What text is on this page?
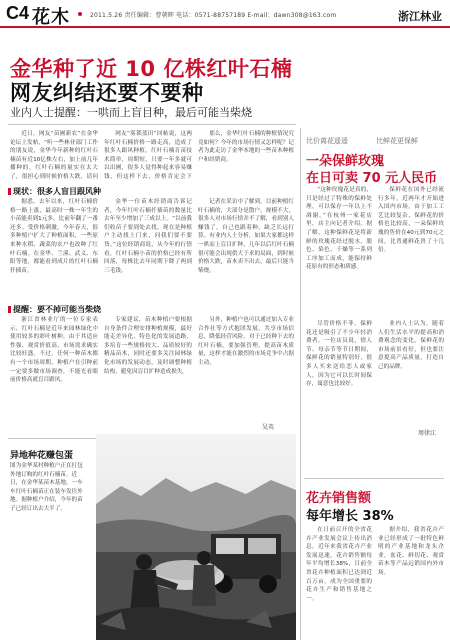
C4 花木	2011.5.26 责任编辑：曹朝晖 电话：0571-88757189 E-mail：dawn308@163.com	浙江林业
金华种了近 10 亿株红叶石楠
网友纠结还要不要种
业内人士提醒：一哄而上盲目种，最后可能当柴烧

近日，网友“苗圃新农”在金华论坛上发帖，“听一些林业部门工作的朋友说，金华今年新种的红叶石楠苗有近10亿株左右，加上前几年播种的，红叶石楠的量实在太大了，很担心到时候价格大跌，请问

网友“雾锁蓝田”回帖说，这两年红叶石楠价格一路走高，造成了很多人跟风种植。红叶石楠育苗技术简单，周期短，只要一年多就可以出圃，很多人觉得种起来容易赚钱，但这样下去，价格肯定会下

那么，金华红叶石楠的种植情况究竟如何？今年的市场行情又怎样呢？记者为此走访了金华本地的一些苗木种植户和经销商。

现状：很多人盲目跟风种

据悉，去年以来，红叶石楠价格一路上涨，最高时一株一年生的小苗能卖到1元多，比前年翻了一番还多。受价格刺激，今年春天，很多种植户扩大了种植面积，一些原来种水稻、蔬菜的农户也改种了红叶石楠。在金华、兰溪、武义、东阳等地，都能看到成片的红叶石楠扦插苗。

金华一位苗木经销商告诉记者，今年红叶石楠扦插苗的数量比去年至少增加了三成以上。“以前我们收苗子要到处去找，现在是种植户主动找上门来，问我们要不要货。”这位经销商说，从今年的行情看，红叶石楠小苗的价格已经有所回落，每株比去年同期下降了两到三毛钱。

记者在采访中了解到，目前种植红叶石楠的，大部分是散户，规模不大，很多人对市场行情并不了解，看到别人赚钱了，自己也跟着种，缺乏长远打算。有业内人士分析，如果大家都这样一哄而上盲目扩种，几年以后红叶石楠很可能会出现供大于求的局面，到时候价格大跌，苗木卖不出去，最后只能当柴烧。

提醒：要不掉可能当柴烧

浙江省林业厅的一位专家表示，红叶石楠是近年来园林绿化中使用较多的彩叶树种，由于其适应性强、观赏价值高，市场需求确实比较旺盛。不过，任何一种苗木都有一个市场周期，种植户在引种前一定要多做市场调查，不能光看眼前价格高就盲目跟风。

专家建议，苗木种植户要根据自身条件合理安排种植规模，最好能走差异化、特色化的发展道路，多培育一些规格较大、品质较好的精品苗木，同时还要多关注园林绿化市场的发展动态，及时调整种植结构，避免因盲目扩种造成损失。

另外，种植户也可以通过加入专业合作社等方式抱团发展，共享市场信息，降低经营风险。对于已经种下去的红叶石楠，要加强管理，提高苗木质量，这样才能在激烈的市场竞争中占据主动。

吴英
比价离花遥遥	比鲜花更保鲜
一朵保鲜玫瑰
在日可卖 70 元人民币

“这种玫瑰花是真的，只是经过了特殊的保鲜处理，可以保存一年以上不凋谢。”在杭州一家花店里，店主向记者介绍。据了解，这种保鲜花是将新鲜的玫瑰花经过脱水、脱色、染色、干燥等一系列工序加工而成，能保持鲜花原有的形态和质感。

保鲜花在国外已经流行多年，近两年才开始进入国内市场。由于加工工艺比较复杂，保鲜花的价格也比较高，一朵保鲜玫瑰的售价在40元到70元之间，比普通鲜花贵了十几倍。

尽管价格不菲，保鲜花还是吸引了不少年轻消费者。一位店员说，情人节、母亲节等节日期间，保鲜花的销量特别好，很多人买来送给恋人或家人，因为它可以长时间保存，寓意也比较好。

业内人士认为，随着人们生活水平的提高和消费观念的变化，保鲜花的市场前景看好，但也要注意提高产品质量，打造自己的品牌。

周律江
花卉销售额
每年增长 38%

在日前召开的全省花卉产业发展会议上传出消息，近年来我省花卉产业发展迅速，花卉销售额每年平均增长38%，目前全省花卉种植面积已达到近百万亩，成为全国重要的花卉生产和销售基地之一。

据介绍，我省花卉产业已经形成了一批特色鲜明的产业基地和龙头企业，盆花、鲜切花、观赏苗木等产品远销国内外市场。

异地种花赚包蛋
图为金华某村种植户正在打包外地订购的红叶石楠苗。近日，在金华某苗木基地，一车车红叶石楠苗正在装车发往外地。据种植户介绍，今年的苗子已经订出去大半了。
